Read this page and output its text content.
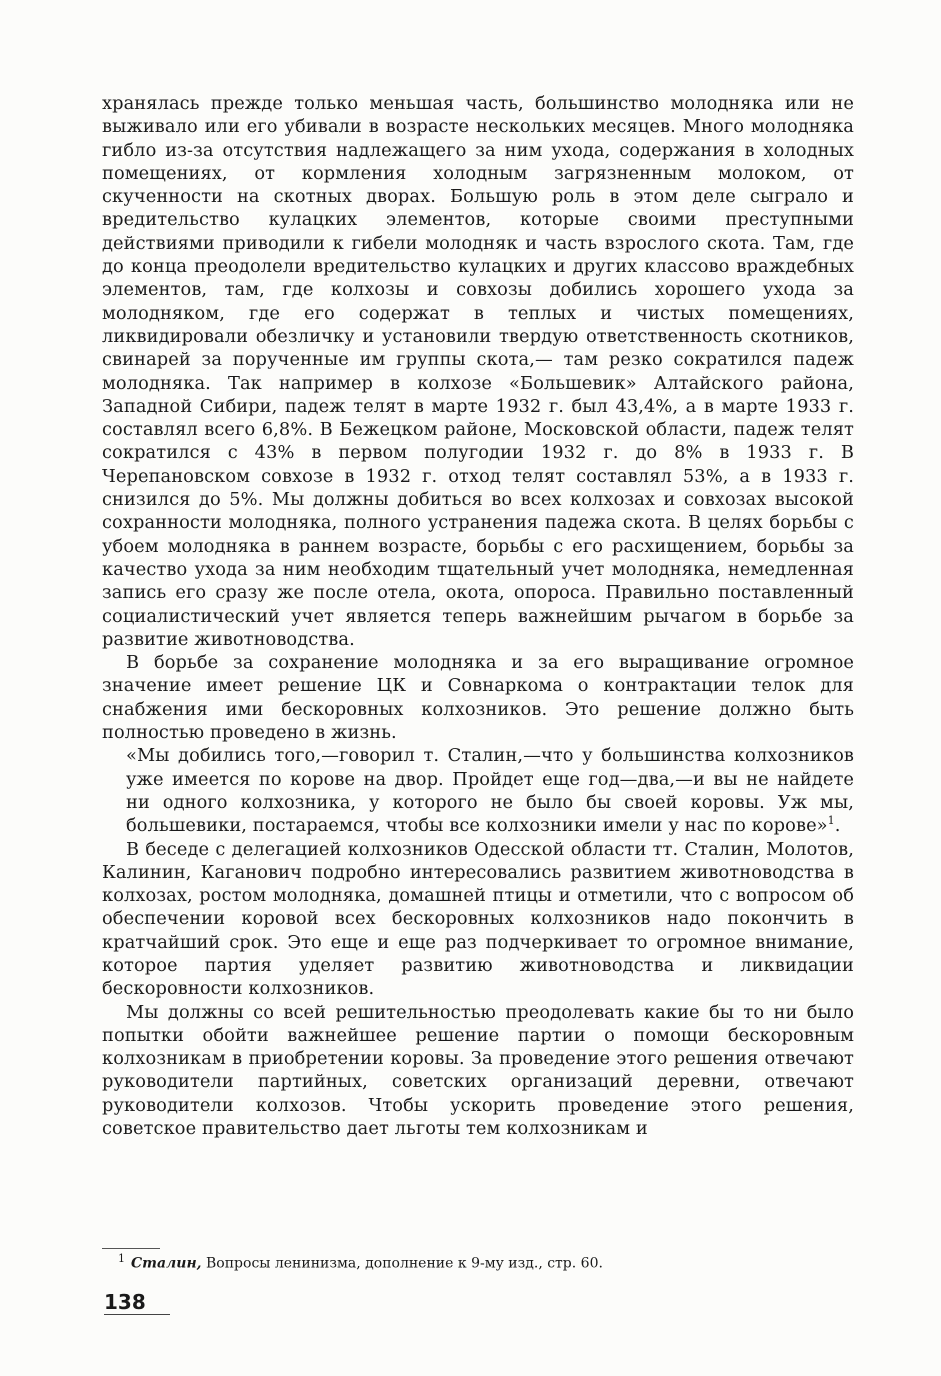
хранялась прежде только меньшая часть, большинство молодняка или не выживало или его убивали в возрасте нескольких месяцев. Много молодняка гибло из-за отсутствия надлежащего за ним ухода, содержания в холодных помещениях, от кормления холодным загрязненным молоком, от скученности на скотных дворах. Большую роль в этом деле сыграло и вредительство кулацких элементов, которые своими преступными действиями приводили к гибели молодняк и часть взрослого скота. Там, где до конца преодолели вредительство кулацких и других классово враждебных элементов, там, где колхозы и совхозы добились хорошего ухода за молодняком, где его содержат в теплых и чистых помещениях, ликвидировали обезличку и установили твердую ответственность скотников, свинарей за порученные им группы скота,— там резко сократился падеж молодняка. Так например в колхозе «Большевик» Алтайского района, Западной Сибири, падеж телят в марте 1932 г. был 43,4%, а в марте 1933 г. составлял всего 6,8%. В Бежецком районе, Московской области, падеж телят сократился с 43% в первом полугодии 1932 г. до 8% в 1933 г. В Черепановском совхозе в 1932 г. отход телят составлял 53%, а в 1933 г. снизился до 5%. Мы должны добиться во всех колхозах и совхозах высокой сохранности молодняка, полного устранения падежа скота. В целях борьбы с убоем молодняка в раннем возрасте, борьбы с его расхищением, борьбы за качество ухода за ним необходим тщательный учет молодняка, немедленная запись его сразу же после отела, окота, опороса. Правильно поставленный социалистический учет является теперь важнейшим рычагом в борьбе за развитие животноводства.

В борьбе за сохранение молодняка и за его выращивание огромное значение имеет решение ЦК и Совнаркома о контрактации телок для снабжения ими бескоровных колхозников. Это решение должно быть полностью проведено в жизнь.

«Мы добились того,—говорил т. Сталин,—что у большинства колхозников уже имеется по корове на двор. Пройдет еще год—два,—и вы не найдете ни одного колхозника, у которого не было бы своей коровы. Уж мы, большевики, постараемся, чтобы все колхозники имели у нас по корове»$^1$.

В беседе с делегацией колхозников Одесской области тт. Сталин, Молотов, Калинин, Каганович подробно интересовались развитием животноводства в колхозах, ростом молодняка, домашней птицы и отметили, что с вопросом об обеспечении коровой всех бескоровных колхозников надо покончить в кратчайший срок. Это еще и еще раз подчеркивает то огромное внимание, которое партия уделяет развитию животноводства и ликвидации бескоровности колхозников.

Мы должны со всей решительностью преодолевать какие бы то ни было попытки обойти важнейшее решение партии о помощи бескоровным колхозникам в приобретении коровы. За проведение этого решения отвечают руководители партийных, советских организаций деревни, отвечают руководители колхозов. Чтобы ускорить проведение этого решения, советское правительство дает льготы тем колхозникам и

$^1$ Сталин, Вопросы ленинизма, дополнение к 9-му изд., стр. 60.
138
